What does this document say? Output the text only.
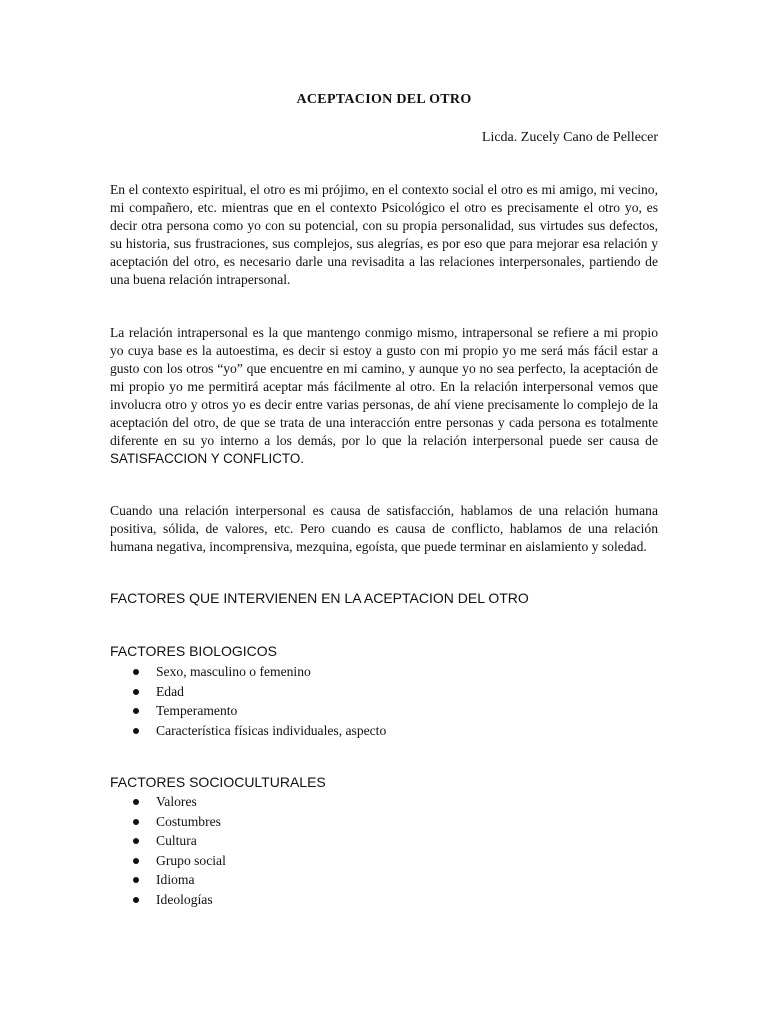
ACEPTACION DEL OTRO
Licda. Zucely Cano de Pellecer

En el contexto espiritual, el otro es mi prójimo, en el contexto social el otro es mi amigo, mi vecino, mi compañero, etc. mientras que en el contexto Psicológico el otro es precisamente el otro yo, es decir otra persona como yo con su potencial, con su propia personalidad, sus virtudes sus defectos, su historia, sus frustraciones, sus complejos, sus alegrías, es por eso que para mejorar esa relación y aceptación del otro, es necesario darle una revisadita a las relaciones interpersonales, partiendo de una buena relación intrapersonal.

La relación intrapersonal es la que mantengo conmigo mismo, intrapersonal se refiere a mi propio yo cuya base es la autoestima, es decir si estoy a gusto con mi propio yo me será más fácil estar a gusto con los otros “yo” que encuentre en mi camino, y aunque yo no sea perfecto, la aceptación de mi propio yo me permitirá aceptar más fácilmente al otro. En la relación interpersonal vemos que involucra otro y otros yo es decir entre varias personas, de ahí viene precisamente lo complejo de la aceptación del otro, de que se trata de una interacción entre personas y cada persona es totalmente diferente en su yo interno a los demás, por lo que la relación interpersonal puede ser causa de SATISFACCION Y CONFLICTO.

Cuando una relación interpersonal es causa de satisfacción, hablamos de una relación humana positiva, sólida, de valores, etc. Pero cuando es causa de conflicto, hablamos de una relación humana negativa, incomprensiva, mezquina, egoísta, que puede terminar en aislamiento y soledad.

FACTORES QUE INTERVIENEN EN LA ACEPTACION DEL OTRO

FACTORES BIOLOGICOS

Sexo, masculino o femenino
Edad
Temperamento
Característica físicas individuales, aspecto

FACTORES SOCIOCULTURALES

Valores
Costumbres
Cultura
Grupo social
Idioma
Ideologías
